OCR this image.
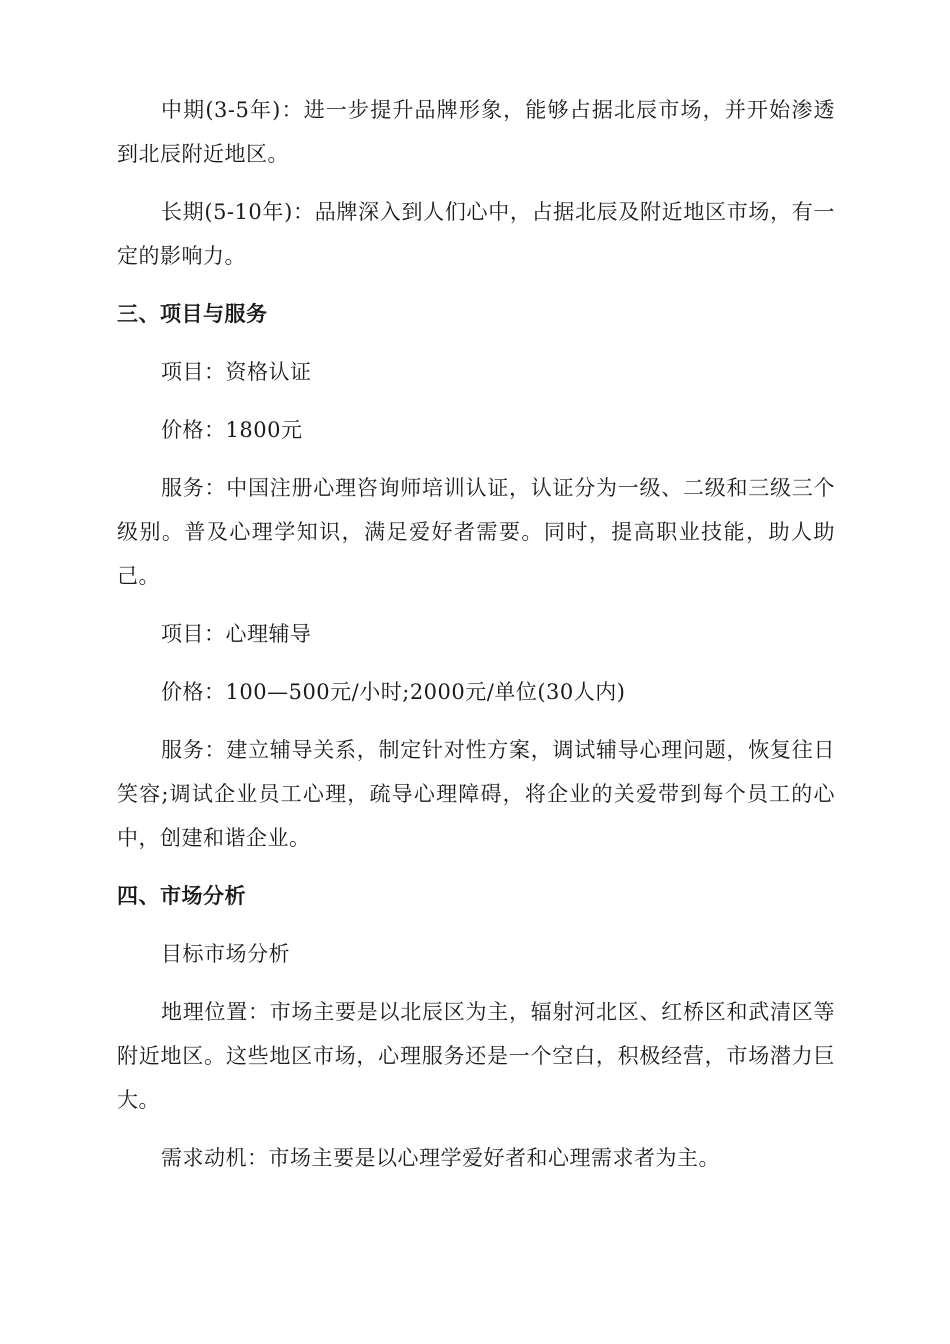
中期(3-5年)：进一步提升品牌形象，能够占据北辰市场，并开始渗透到北辰附近地区。

长期(5-10年)：品牌深入到人们心中，占据北辰及附近地区市场，有一定的影响力。

三、项目与服务

项目：资格认证

价格：1800元

服务：中国注册心理咨询师培训认证，认证分为一级、二级和三级三个级别。普及心理学知识，满足爱好者需要。同时，提高职业技能，助人助己。

项目：心理辅导

价格：100—500元/小时;2000元/单位(30人内)

服务：建立辅导关系，制定针对性方案，调试辅导心理问题，恢复往日笑容;调试企业员工心理，疏导心理障碍，将企业的关爱带到每个员工的心中，创建和谐企业。

四、市场分析

目标市场分析

地理位置：市场主要是以北辰区为主，辐射河北区、红桥区和武清区等附近地区。这些地区市场，心理服务还是一个空白，积极经营，市场潜力巨大。

需求动机：市场主要是以心理学爱好者和心理需求者为主。
